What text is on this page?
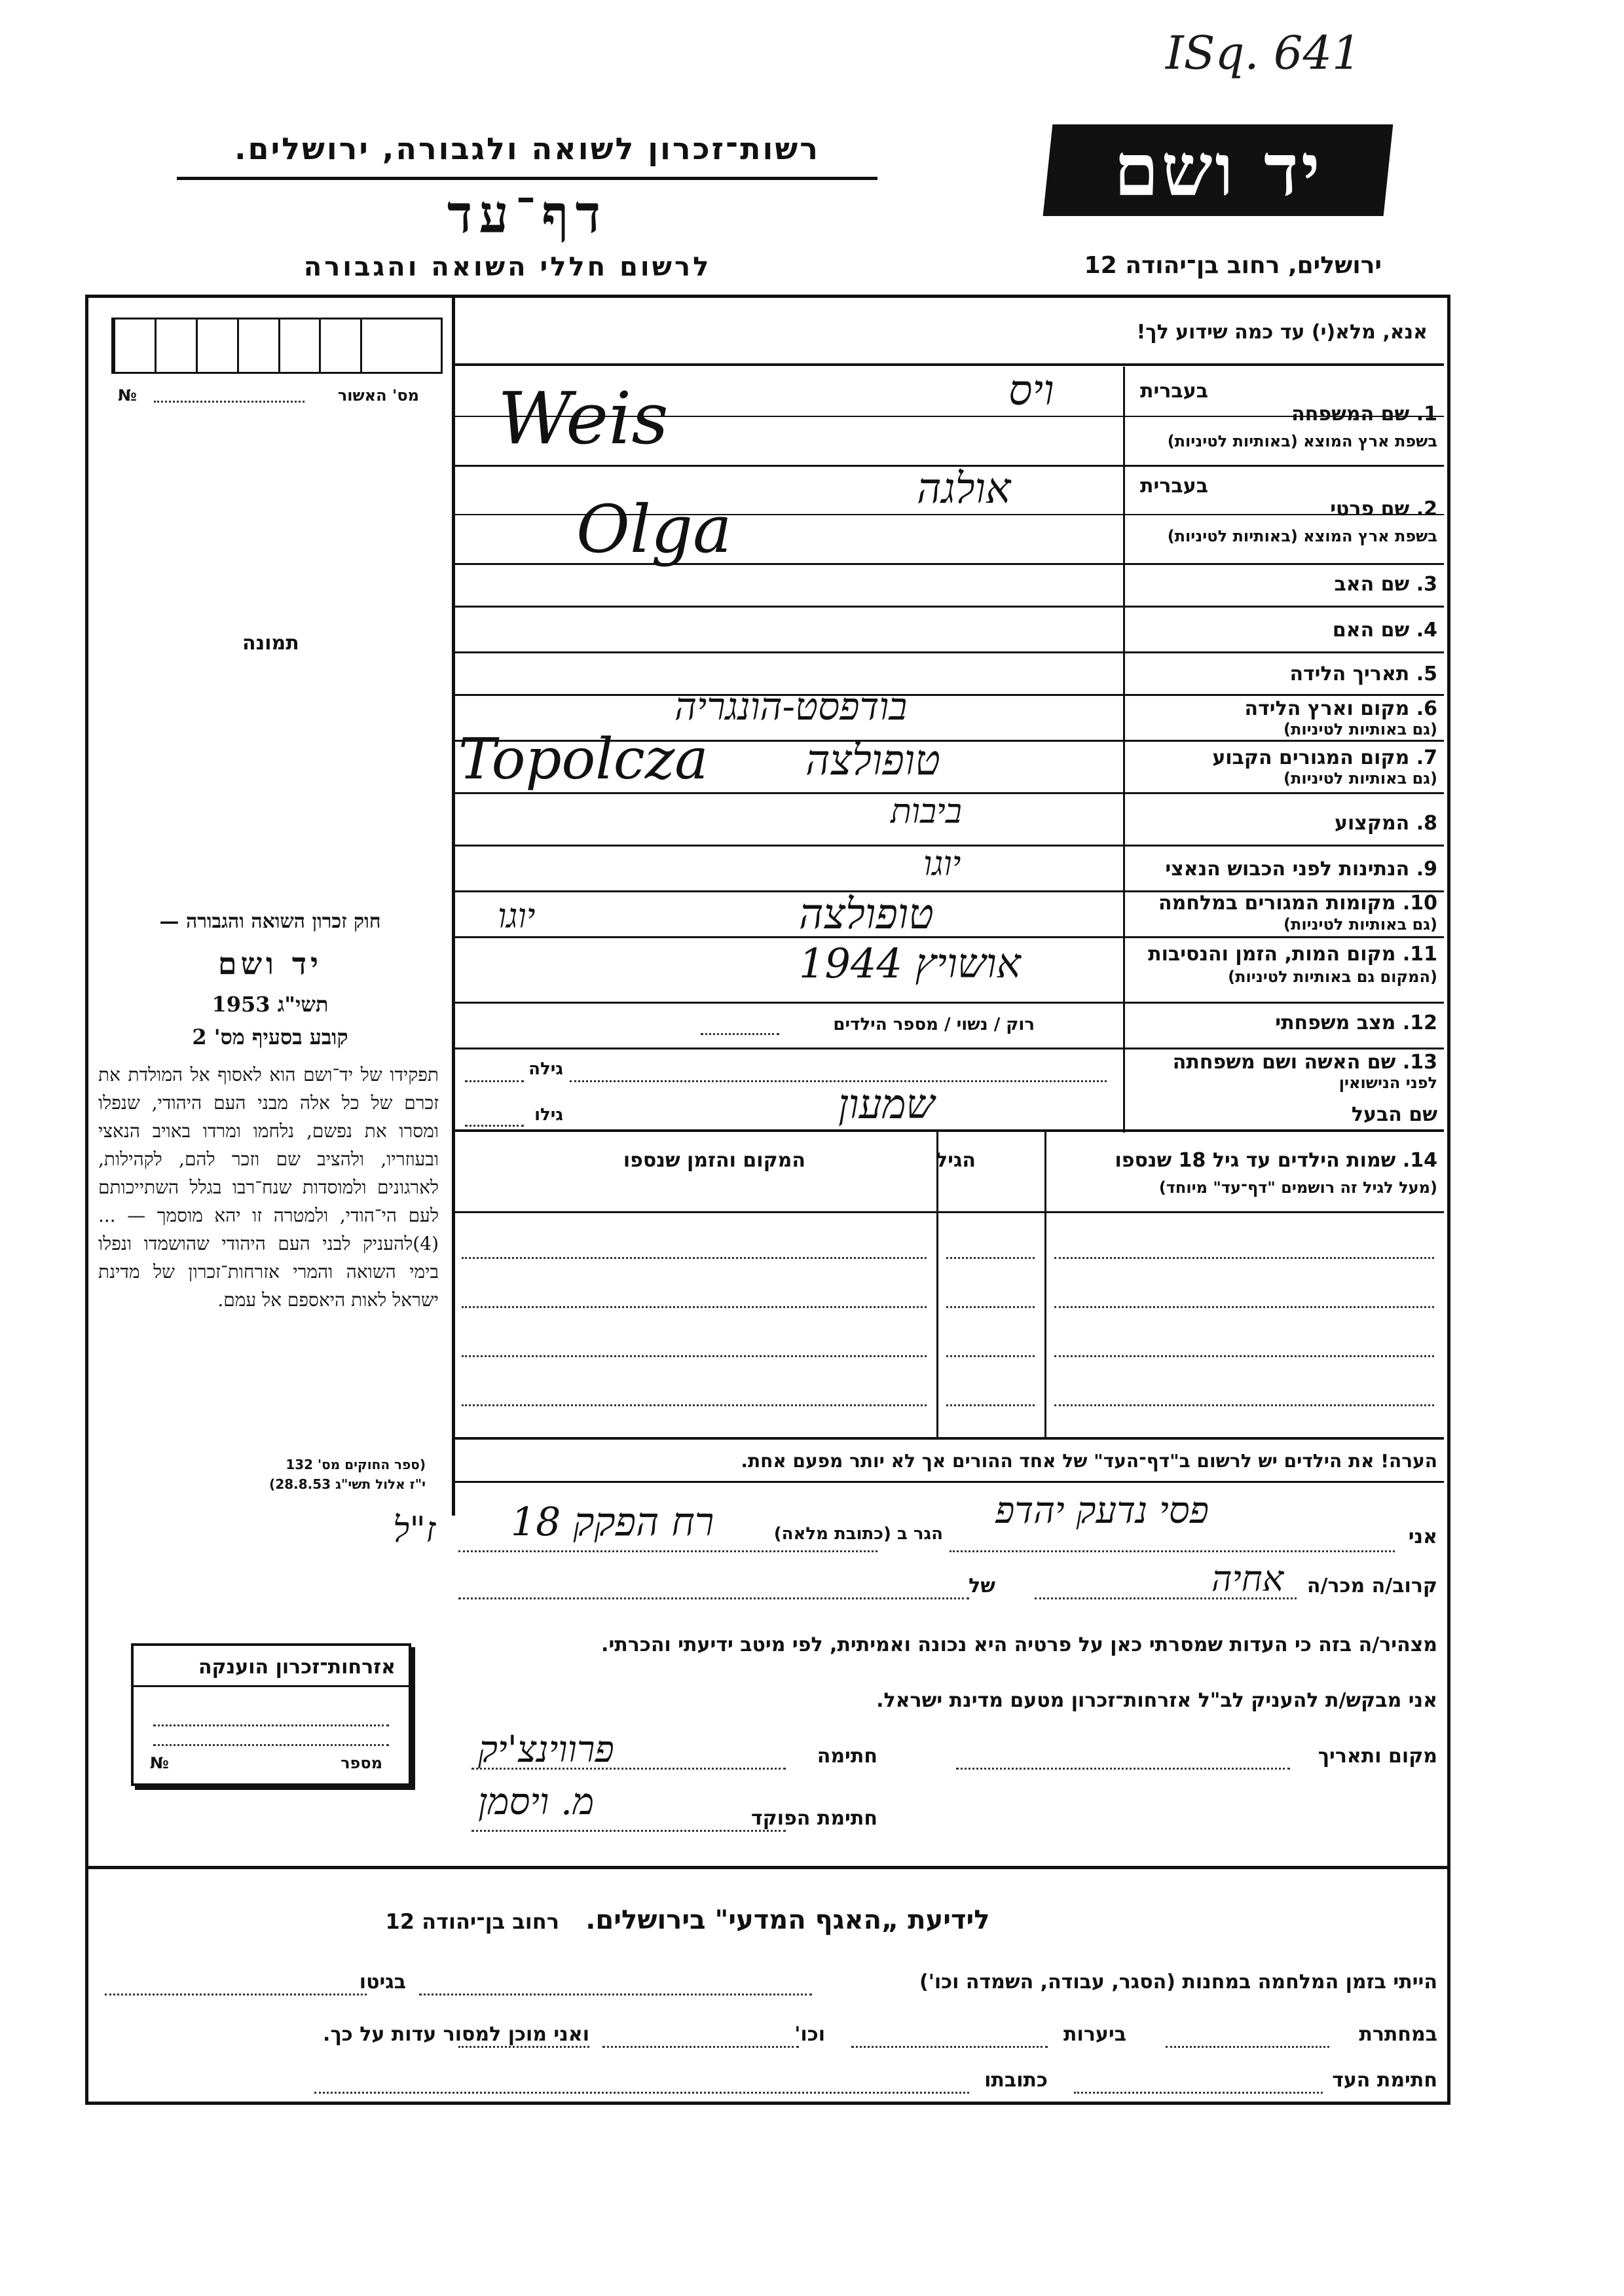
ISq. 641
יד ושם
ירושלים, רחוב בן־יהודה 12
רשות־זכרון לשואה ולגבורה, ירושלים.
דף־עד
לרשום חללי השואה והגבורה
מס' האשור
№
תמונה
חוק זכרון השואה והגבורה —
יד ושם
תשי"ג 1953
קובע בסעיף מס' 2
תפקידו של יד־ושם הוא לאסוף אל המולדת את זכרם של כל אלה מבני העם היהודי, שנפלו ומסרו את נפשם, נלחמו ומרדו באויב הנאצי ובעוזריו, ולהציב שם וזכר להם, לקהילות, לארגונים ולמוסדות שנח־רבו בגלל השתייכותם לעם הי־הודי, ולמטרה זו יהא מוסמך — ...(4)להעניק לבני העם היהודי שהושמדו ונפלו בימי השואה והמרי אזרחות־זכרון של מדינת ישראל לאות היאספם אל עמם.
(ספר החוקים מס' 132
י"ז אלול תשי"ג 28.8.53)
אנא, מלא(י) עד כמה שידוע לך!
בעברית
1. שם המשפחה
בשפת ארץ המוצא (באותיות לטיניות)
ויס
Weis
בעברית
2. שם פרטי
בשפת ארץ המוצא (באותיות לטיניות)
אולגה
Olga
3. שם האב
4. שם האם
5. תאריך הלידה
6. מקום וארץ הלידה
(גם באותיות לטיניות)
בודפסט-הונגריה
7. מקום המגורים הקבוע
(גם באותיות לטיניות)
טופולצה
Topolcza
8. המקצוע
ביבות
9. הנתינות לפני הכבוש הנאצי
יוגו
10. מקומות המגורים במלחמה
(גם באותיות לטיניות)
טופולצה
יוגו
11. מקום המות, הזמן והנסיבות
(המקום גם באותיות לטיניות)
אושויץ 1944
12. מצב משפחתי
רוק / נשוי / מספר הילדים
13. שם האשה ושם משפחתה
לפני הנישואין
גילה
שם הבעל
שמעון
גילו
14. שמות הילדים עד גיל 18 שנספו
(מעל לגיל זה רושמים "דף־עד" מיוחד)
הגיל
המקום והזמן שנספו
הערה! את הילדים יש לרשום ב"דף־העד" של אחד ההורים אך לא יותר מפעם אחת.
אני
פסי נדעק יהדפ
הגר ב (כתובת מלאה)
רח הפקק 18
קרוב/ה מכר/ה
אחיה
של
מצהיר/ה בזה כי העדות שמסרתי כאן על פרטיה היא נכונה ואמיתית, לפי מיטב ידיעתי והכרתי.
אני מבקש/ת להעניק לב"ל אזרחות־זכרון מטעם מדינת ישראל.
מקום ותאריך
חתימה
פרווינצ'יק
חתימת הפוקד
מ. ויסמן
ז"ל
אזרחות־זכרון הוענקה
מספר
№
לידיעת „האגף המדעי" בירושלים.  רחוב בן־יהודה 12
הייתי בזמן המלחמה במחנות (הסגר, עבודה, השמדה וכו')
בגיטו
במחתרת
ביערות
וכו'
ואני מוכן למסור עדות על כך.
חתימת העד
כתובתו
